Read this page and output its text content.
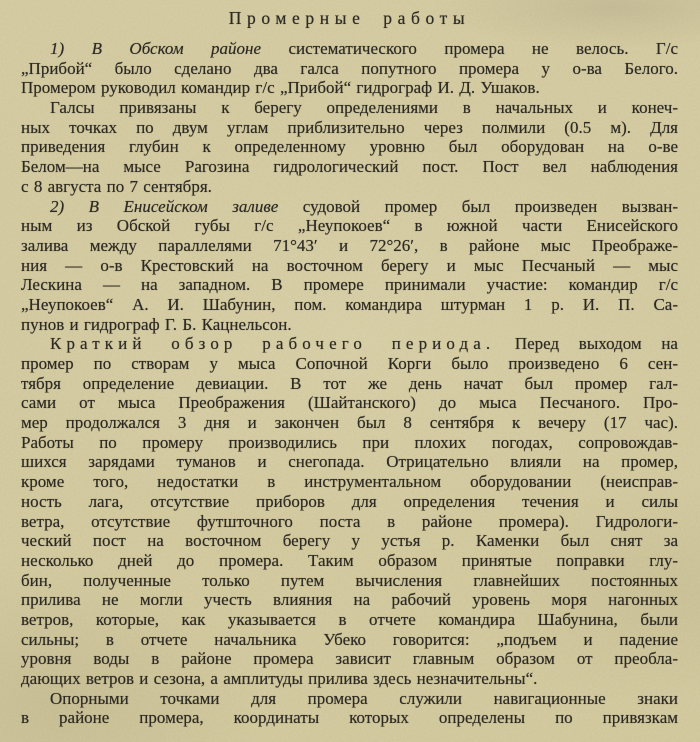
Промерные работы
1) В Обском районе систематического промера не велось. Г/с
„Прибой“ было сделано два галса попутного промера у о-ва Белого.
Промером руководил командир г/с „Прибой“ гидрограф И. Д. Ушаков.
Галсы привязаны к берегу определениями в начальных и конеч-
ных точках по двум углам приблизительно через полмили (0.5 м). Для
приведения глубин к определенному уровню был оборудован на о-ве
Белом—на мысе Рагозина гидрологический пост. Пост вел наблюдения
с 8 августа по 7 сентября.
2) В Енисейском заливе судовой промер был произведен вызван-
ным из Обской губы г/с „Неупокоев“ в южной части Енисейского
залива между параллелями 71°43′ и 72°26′, в районе мыс Преображе-
ния — о-в Крестовский на восточном берегу и мыс Песчаный — мыс
Лескина — на западном. В промере принимали участие: командир г/с
„Неупокоев“ А. И. Шабунин, пом. командира штурман 1 р. И. П. Са-
пунов и гидрограф Г. Б. Кацнельсон.
Краткий обзор рабочего периода. Перед выходом на
промер по створам у мыса Сопочной Корги было произведено 6 сен-
тября определение девиации. В тот же день начат был промер гал-
сами от мыса Преображения (Шайтанского) до мыса Песчаного. Про-
мер продолжался 3 дня и закончен был 8 сентября к вечеру (17 час).
Работы по промеру производились при плохих погодах, сопровождав-
шихся зарядами туманов и снегопада. Отрицательно влияли на промер,
кроме того, недостатки в инструментальном оборудовании (неисправ-
ность лага, отсутствие приборов для определения течения и силы
ветра, отсутствие футшточного поста в районе промера). Гидрологи-
ческий пост на восточном берегу у устья р. Каменки был снят за
несколько дней до промера. Таким образом принятые поправки глу-
бин, полученные только путем вычисления главнейших постоянных
прилива не могли учесть влияния на рабочий уровень моря нагонных
ветров, которые, как указывается в отчете командира Шабунина, были
сильны; в отчете начальника Убеко говорится: „подъем и падение
уровня воды в районе промера зависит главным образом от преобла-
дающих ветров и сезона, а амплитуды прилива здесь незначительны“.
Опорными точками для промера служили навигационные знаки
в районе промера, координаты которых определены по привязкам
